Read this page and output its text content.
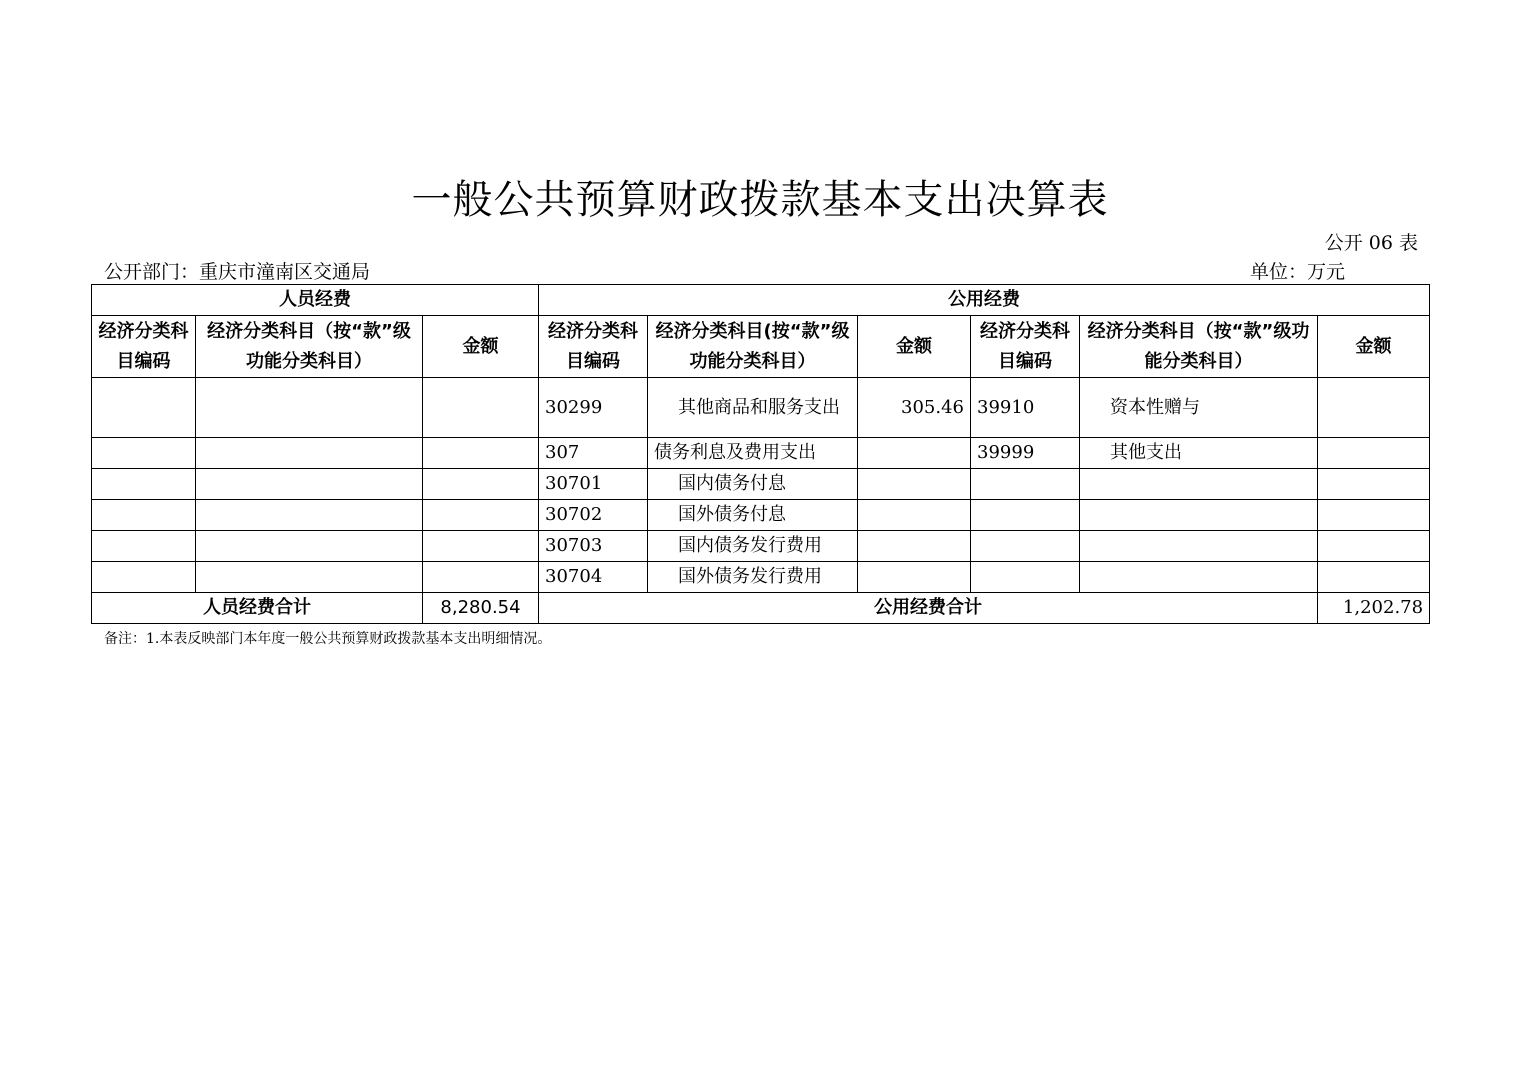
一般公共预算财政拨款基本支出决算表
公开 06 表
公开部门：重庆市潼南区交通局	单位：万元
人员经费			公用经费					
经济分类科目编码	经济分类科目（按“款”级功能分类科目）	金额	经济分类科目编码	经济分类科目(按“款”级功能分类科目）	金额	经济分类科目编码	经济分类科目（按“款”级功能分类科目）	金额
			30299	其他商品和服务支出	305.46	39910	资本性赠与	
			307	债务利息及费用支出		39999	其他支出	
			30701	国内债务付息				
			30702	国外债务付息				
			30703	国内债务发行费用				
			30704	国外债务发行费用				
人员经费合计		8,280.54	公用经费合计					1,202.78
备注：1.本表反映部门本年度一般公共预算财政拨款基本支出明细情况。
